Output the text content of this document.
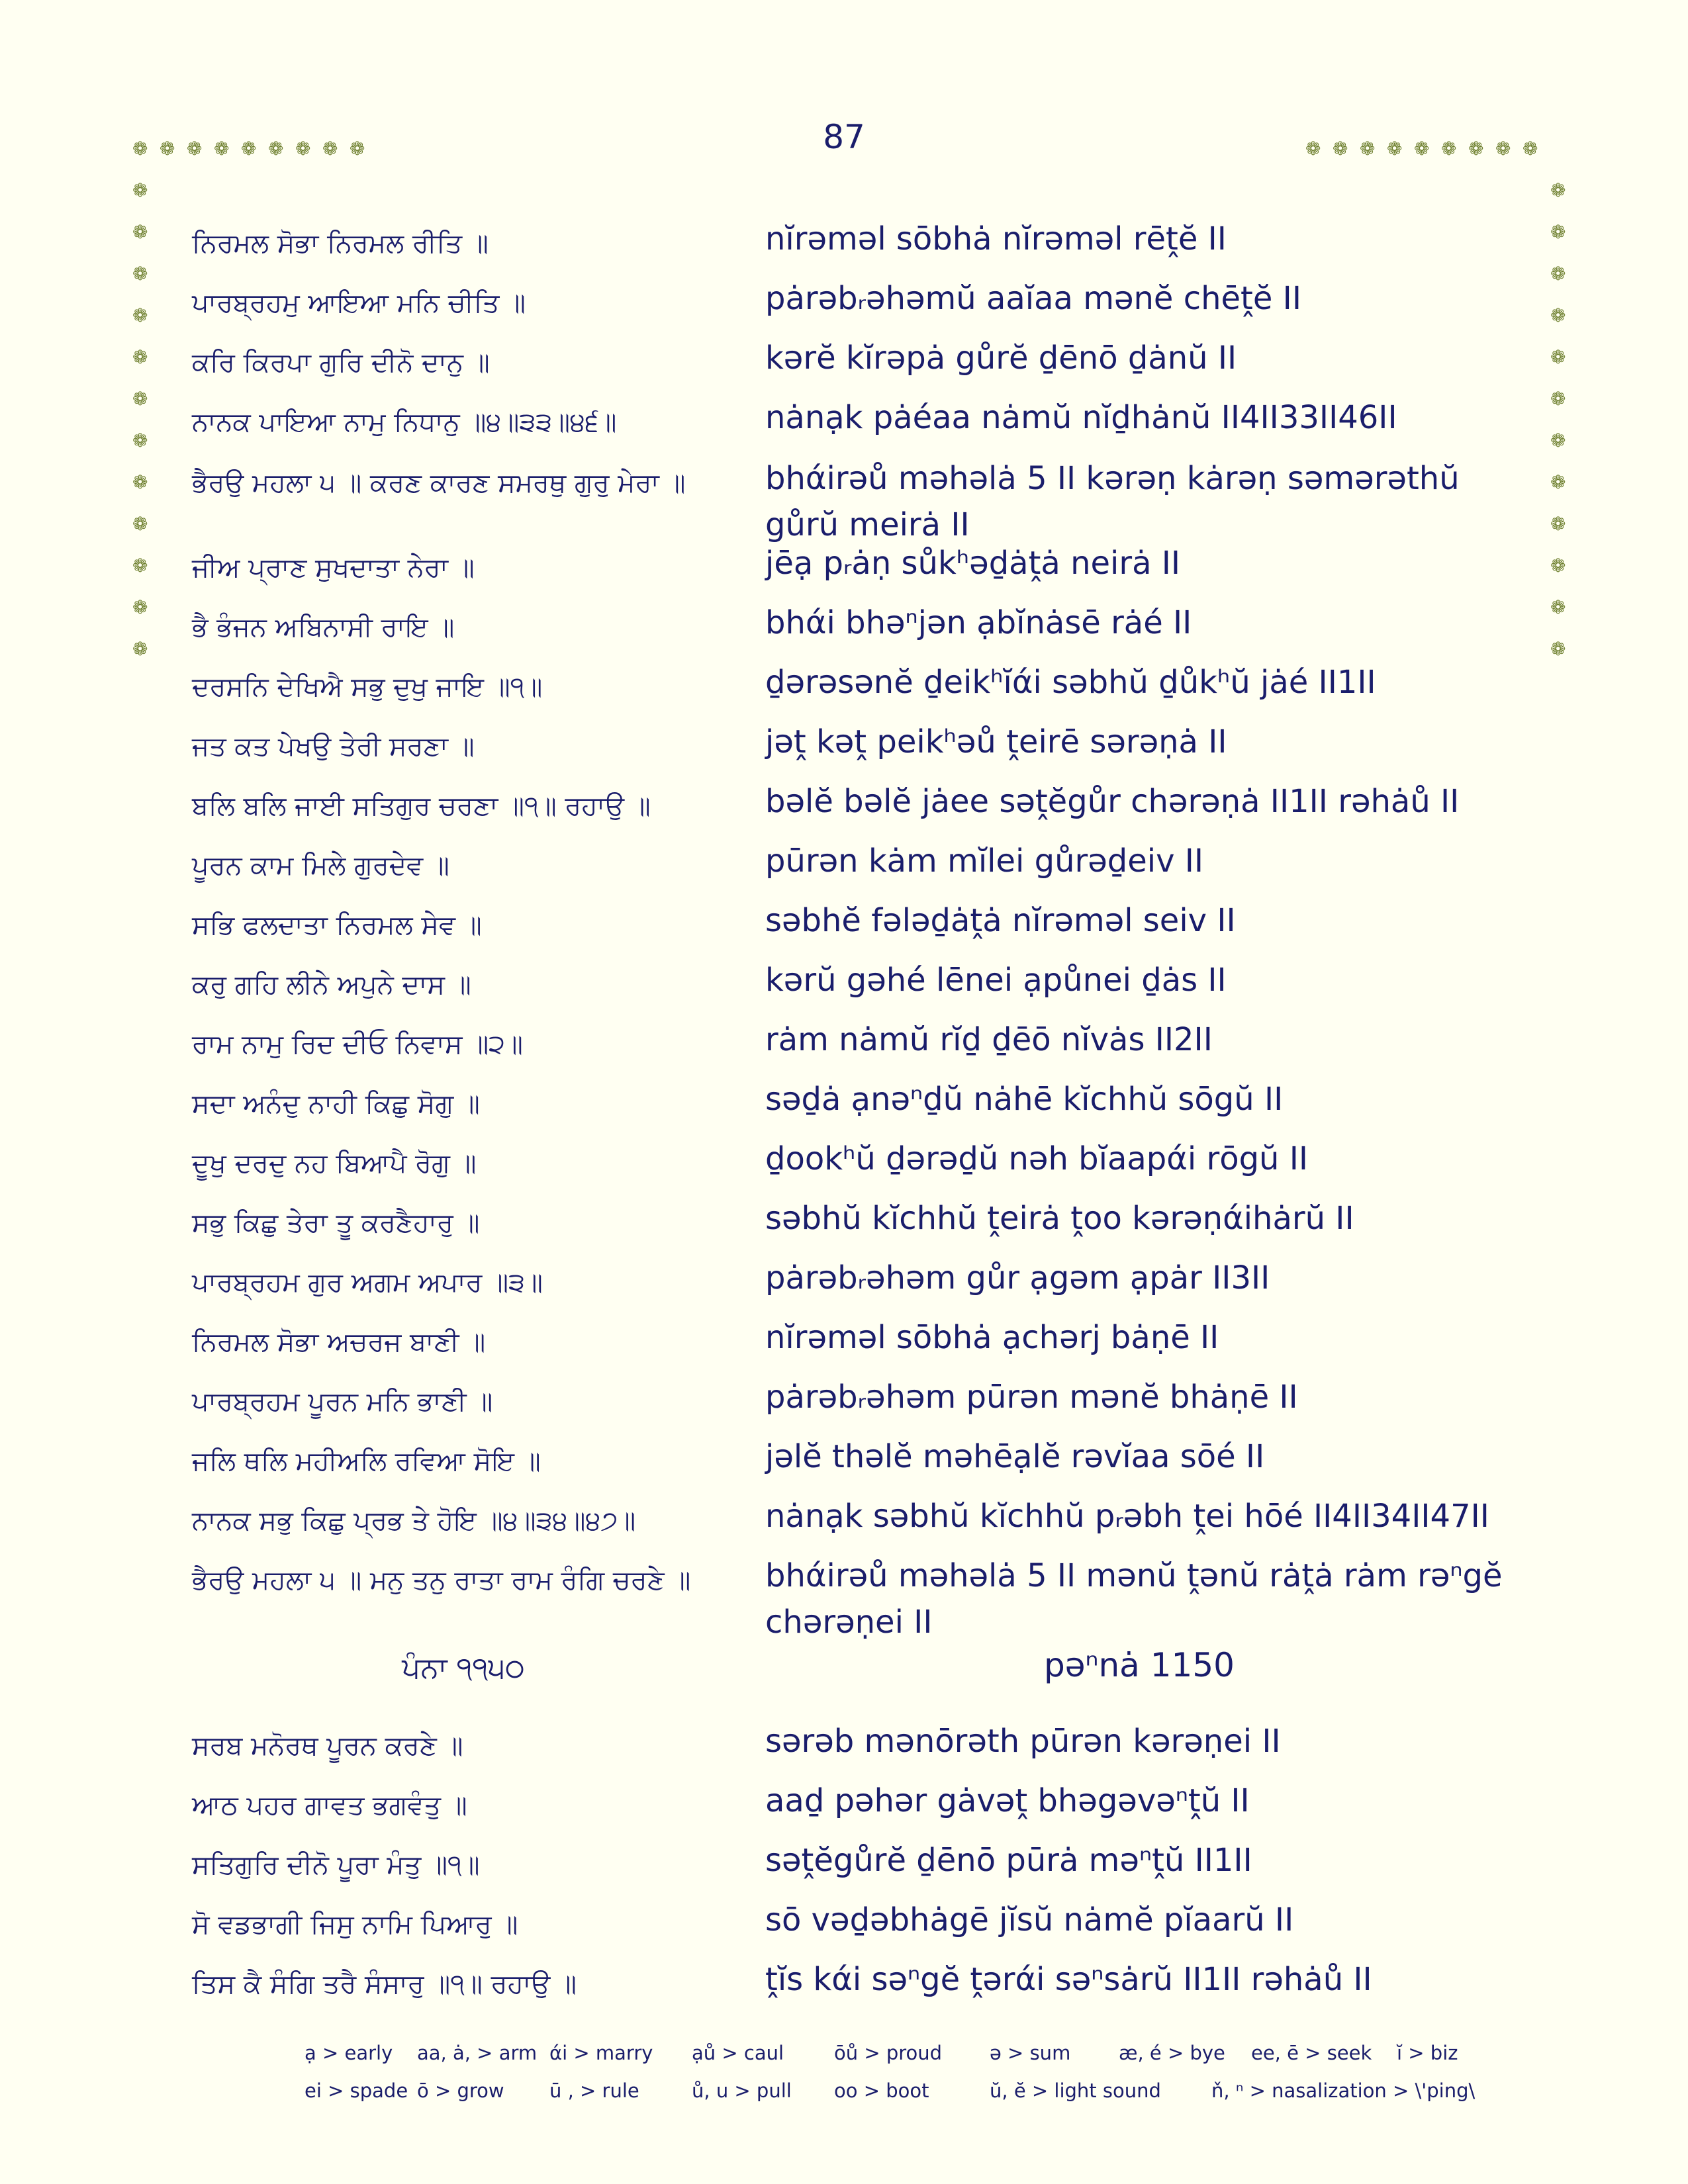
87
❁ ❁ ❁ ❁ ❁ ❁ ❁ ❁ ❁	❁ ❁ ❁ ❁ ❁ ❁ ❁ ❁ ❁
❁
❁
❁
❁
❁
❁
❁
❁
❁
❁
❁
❁
❁
❁
❁
❁
❁
❁
❁
❁
❁
❁
❁
❁
ਨਿਰਮਲ ਸੋਭਾ ਨਿਰਮਲ ਰੀਤਿ ॥	nĭrəməl sōbhȧ nĭrəməl rēṱĕ II
ਪਾਰਬ੍ਰਹਮੁ ਆਇਆ ਮਨਿ ਚੀਤਿ ॥	pȧrəbᵣəhəmŭ aaĭaa mənĕ chēṱĕ II
ਕਰਿ ਕਿਰਪਾ ਗੁਰਿ ਦੀਨੋ ਦਾਨੁ ॥	kərĕ kĭrəpȧ gůrĕ ḏēnō ḏȧnŭ II
ਨਾਨਕ ਪਾਇਆ ਨਾਮੁ ਨਿਧਾਨੁ ॥੪॥੩੩॥੪੬॥	nȧnạk pȧéaa nȧmŭ nĭḏhȧnŭ II4II33II46II
ਭੈਰਉ ਮਹਲਾ ੫ ॥ ਕਰਣ ਕਾਰਣ ਸਮਰਥੁ ਗੁਰੁ ਮੇਰਾ ॥	bhάirəů məhəlȧ 5 II kərəṇ kȧrəṇ səmərəthŭ gůrŭ meirȧ II
ਜੀਅ ਪ੍ਰਾਣ ਸੁਖਦਾਤਾ ਨੇਰਾ ॥	jēạ pᵣȧṇ sůkʰəḏȧṱȧ neirȧ II
ਭੈ ਭੰਜਨ ਅਬਿਨਾਸੀ ਰਾਇ ॥	bhάi bhəⁿjən ạbĭnȧsē rȧé II
ਦਰਸਨਿ ਦੇਖਿਐ ਸਭੁ ਦੁਖੁ ਜਾਇ ॥੧॥	ḏərəsənĕ ḏeikʰĭάi səbhŭ ḏůkʰŭ jȧé II1II
ਜਤ ਕਤ ਪੇਖਉ ਤੇਰੀ ਸਰਣਾ ॥	jəṱ kəṱ peikʰəů ṱeirē sərəṇȧ II
ਬਲਿ ਬਲਿ ਜਾਈ ਸਤਿਗੁਰ ਚਰਣਾ ॥੧॥ ਰਹਾਉ ॥	bəlĕ bəlĕ jȧee səṱĕgůr chərəṇȧ II1II rəhȧů II
ਪੂਰਨ ਕਾਮ ਮਿਲੇ ਗੁਰਦੇਵ ॥	pūrən kȧm mĭlei gůrəḏeiv II
ਸਭਿ ਫਲਦਾਤਾ ਨਿਰਮਲ ਸੇਵ ॥	səbhĕ fələḏȧṱȧ nĭrəməl seiv II
ਕਰੁ ਗਹਿ ਲੀਨੇ ਅਪੁਨੇ ਦਾਸ ॥	kərŭ gəhé lēnei ạpůnei ḏȧs II
ਰਾਮ ਨਾਮੁ ਰਿਦ ਦੀਓ ਨਿਵਾਸ ॥੨॥	rȧm nȧmŭ rĭḏ ḏēō nĭvȧs II2II
ਸਦਾ ਅਨੰਦੁ ਨਾਹੀ ਕਿਛੁ ਸੋਗੁ ॥	səḏȧ ạnəⁿḏŭ nȧhē kĭchhŭ sōgŭ II
ਦੂਖੁ ਦਰਦੁ ਨਹ ਬਿਆਪੈ ਰੋਗੁ ॥	ḏookʰŭ ḏərəḏŭ nəh bĭaapάi rōgŭ II
ਸਭੁ ਕਿਛੁ ਤੇਰਾ ਤੂ ਕਰਣੈਹਾਰੁ ॥	səbhŭ kĭchhŭ ṱeirȧ ṱoo kərəṇάihȧrŭ II
ਪਾਰਬ੍ਰਹਮ ਗੁਰ ਅਗਮ ਅਪਾਰ ॥੩॥	pȧrəbᵣəhəm gůr ạgəm ạpȧr II3II
ਨਿਰਮਲ ਸੋਭਾ ਅਚਰਜ ਬਾਣੀ ॥	nĭrəməl sōbhȧ ạchərj bȧṇē II
ਪਾਰਬ੍ਰਹਮ ਪੂਰਨ ਮਨਿ ਭਾਣੀ ॥	pȧrəbᵣəhəm pūrən mənĕ bhȧṇē II
ਜਲਿ ਥਲਿ ਮਹੀਅਲਿ ਰਵਿਆ ਸੋਇ ॥	jəlĕ thəlĕ məhēạlĕ rəvĭaa sōé II
ਨਾਨਕ ਸਭੁ ਕਿਛੁ ਪ੍ਰਭ ਤੇ ਹੋਇ ॥੪॥੩੪॥੪੭॥	nȧnạk səbhŭ kĭchhŭ pᵣəbh ṱei hōé II4II34II47II
ਭੈਰਉ ਮਹਲਾ ੫ ॥ ਮਨੁ ਤਨੁ ਰਾਤਾ ਰਾਮ ਰੰਗਿ ਚਰਣੇ ॥	bhάirəů məhəlȧ 5 II mənŭ ṱənŭ rȧṱȧ rȧm rəⁿgĕ chərəṇei II
ਪੰਨਾ ੧੧੫੦	pəⁿnȧ 1150
ਸਰਬ ਮਨੋਰਥ ਪੂਰਨ ਕਰਣੇ ॥	sərəb mənōrəth pūrən kərəṇei II
ਆਠ ਪਹਰ ਗਾਵਤ ਭਗਵੰਤੁ ॥	aaḏ pəhər gȧvəṱ bhəgəvəⁿṱŭ II
ਸਤਿਗੁਰਿ ਦੀਨੋ ਪੂਰਾ ਮੰਤੁ ॥੧॥	səṱĕgůrĕ ḏēnō pūrȧ məⁿṱŭ II1II
ਸੋ ਵਡਭਾਗੀ ਜਿਸੁ ਨਾਮਿ ਪਿਆਰੁ ॥	sō vəḏəbhȧgē jĭsŭ nȧmĕ pĭaarŭ II
ਤਿਸ ਕੈ ਸੰਗਿ ਤਰੈ ਸੰਸਾਰੁ ॥੧॥ ਰਹਾਉ ॥	ṱĭs kάi səⁿgĕ ṱərάi səⁿsȧrŭ II1II rəhȧů II
ạ > early aa, ȧ, > arm άi > marry ạů > caul	ōů > proud ə > sum	æ, é > bye ee, ē > seek ĭ > biz
ei > spade ō > grow ū , > rule	ů, u > pull oo > boot	ŭ, ĕ > light sound	ň, ⁿ > nasalization > \'ping\
